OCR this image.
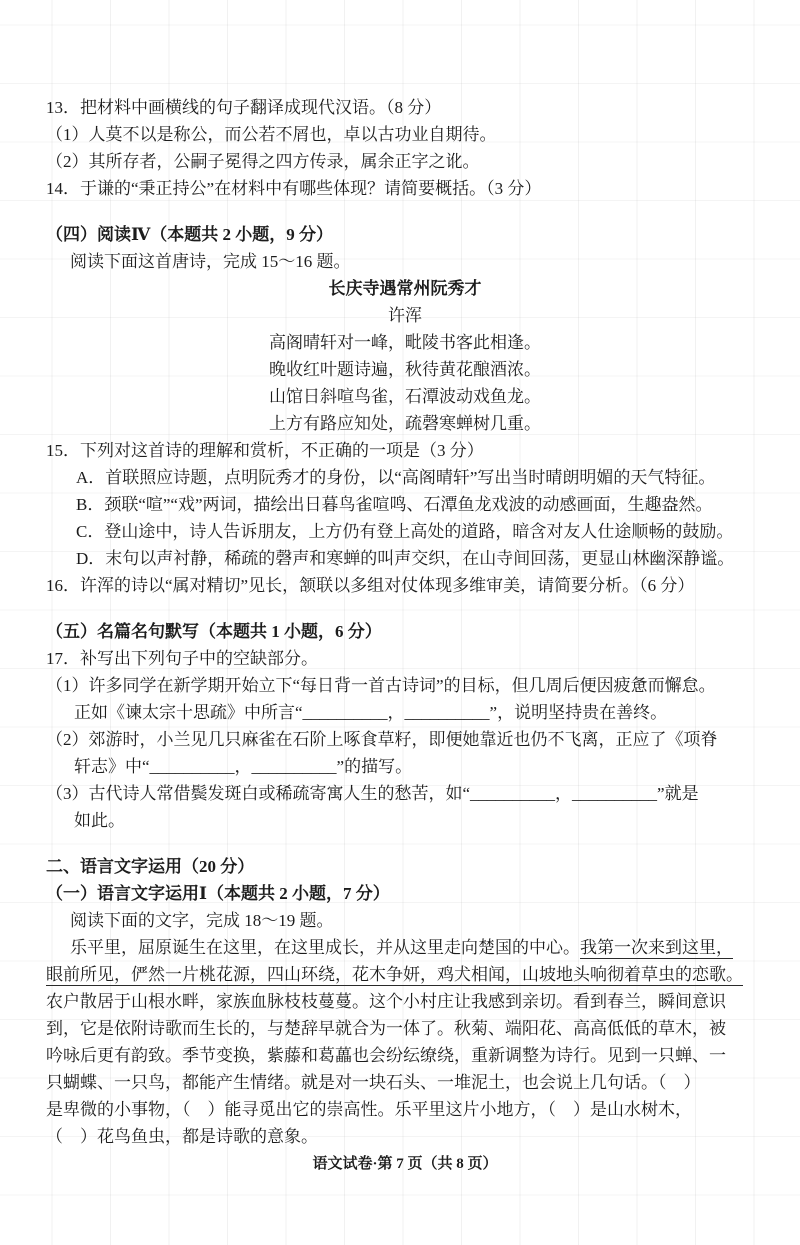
13．把材料中画横线的句子翻译成现代汉语。（8 分）
（1）人莫不以是称公，而公若不屑也，卓以古功业自期待。
（2）其所存者，公嗣子冕得之四方传录，属余正字之讹。
14．于谦的“秉正持公”在材料中有哪些体现？请简要概括。（3 分）
（四）阅读Ⅳ（本题共 2 小题，9 分）
阅读下面这首唐诗，完成 15～16 题。
长庆寺遇常州阮秀才
许浑
高阁晴轩对一峰，毗陵书客此相逢。
晚收红叶题诗遍，秋待黄花酿酒浓。
山馆日斜喧鸟雀，石潭波动戏鱼龙。
上方有路应知处，疏磬寒蝉树几重。
15．下列对这首诗的理解和赏析，不正确的一项是（3 分）
A．首联照应诗题，点明阮秀才的身份，以“高阁晴轩”写出当时晴朗明媚的天气特征。
B．颈联“喧”“戏”两词，描绘出日暮鸟雀喧鸣、石潭鱼龙戏波的动感画面，生趣盎然。
C．登山途中，诗人告诉朋友，上方仍有登上高处的道路，暗含对友人仕途顺畅的鼓励。
D．末句以声衬静，稀疏的磬声和寒蝉的叫声交织，在山寺间回荡，更显山林幽深静谧。
16．许浑的诗以“属对精切”见长，颔联以多组对仗体现多维审美，请简要分析。（6 分）
（五）名篇名句默写（本题共 1 小题，6 分）
17．补写出下列句子中的空缺部分。
（1）许多同学在新学期开始立下“每日背一首古诗词”的目标，但几周后便因疲惫而懈怠。
正如《谏太宗十思疏》中所言“__________，__________”，说明坚持贵在善终。
（2）郊游时，小兰见几只麻雀在石阶上啄食草籽，即便她靠近也仍不飞离，正应了《项脊
轩志》中“__________，__________”的描写。
（3）古代诗人常借鬓发斑白或稀疏寄寓人生的愁苦，如“__________，__________”就是
如此。
二、语言文字运用（20 分）
（一）语言文字运用Ⅰ（本题共 2 小题，7 分）
阅读下面的文字，完成 18～19 题。
乐平里，屈原诞生在这里，在这里成长，并从这里走向楚国的中心。我第一次来到这里，
眼前所见，俨然一片桃花源，四山环绕，花木争妍，鸡犬相闻，山坡地头响彻着草虫的恋歌。
农户散居于山根水畔，家族血脉枝枝蔓蔓。这个小村庄让我感到亲切。看到春兰，瞬间意识
到，它是依附诗歌而生长的，与楚辞早就合为一体了。秋菊、端阳花、高高低低的草木，被
吟咏后更有韵致。季节变换，紫藤和葛藟也会纷纭缭绕，重新调整为诗行。见到一只蝉、一
只蝴蝶、一只鸟，都能产生情绪。就是对一块石头、一堆泥土，也会说上几句话。（　）
是卑微的小事物，（　）能寻觅出它的崇高性。乐平里这片小地方，（　）是山水树木，
（　）花鸟鱼虫，都是诗歌的意象。
语文试卷·第 7 页（共 8 页）
